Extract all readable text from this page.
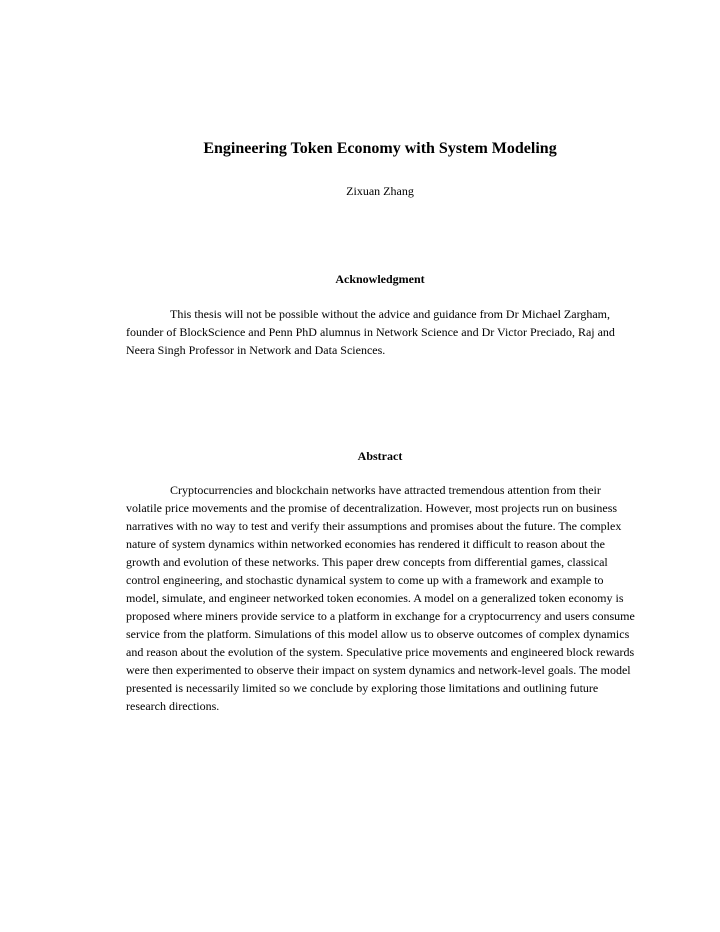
Engineering Token Economy with System Modeling

Zixuan Zhang

Acknowledgment

This thesis will not be possible without the advice and guidance from Dr Michael Zargham, founder of BlockScience and Penn PhD alumnus in Network Science and Dr Victor Preciado, Raj and Neera Singh Professor in Network and Data Sciences.

Abstract

Cryptocurrencies and blockchain networks have attracted tremendous attention from their volatile price movements and the promise of decentralization. However, most projects run on business narratives with no way to test and verify their assumptions and promises about the future. The complex nature of system dynamics within networked economies has rendered it difficult to reason about the growth and evolution of these networks. This paper drew concepts from differential games, classical control engineering, and stochastic dynamical system to come up with a framework and example to model, simulate, and engineer networked token economies. A model on a generalized token economy is proposed where miners provide service to a platform in exchange for a cryptocurrency and users consume service from the platform. Simulations of this model allow us to observe outcomes of complex dynamics and reason about the evolution of the system. Speculative price movements and engineered block rewards were then experimented to observe their impact on system dynamics and network-level goals. The model presented is necessarily limited so we conclude by exploring those limitations and outlining future research directions.
